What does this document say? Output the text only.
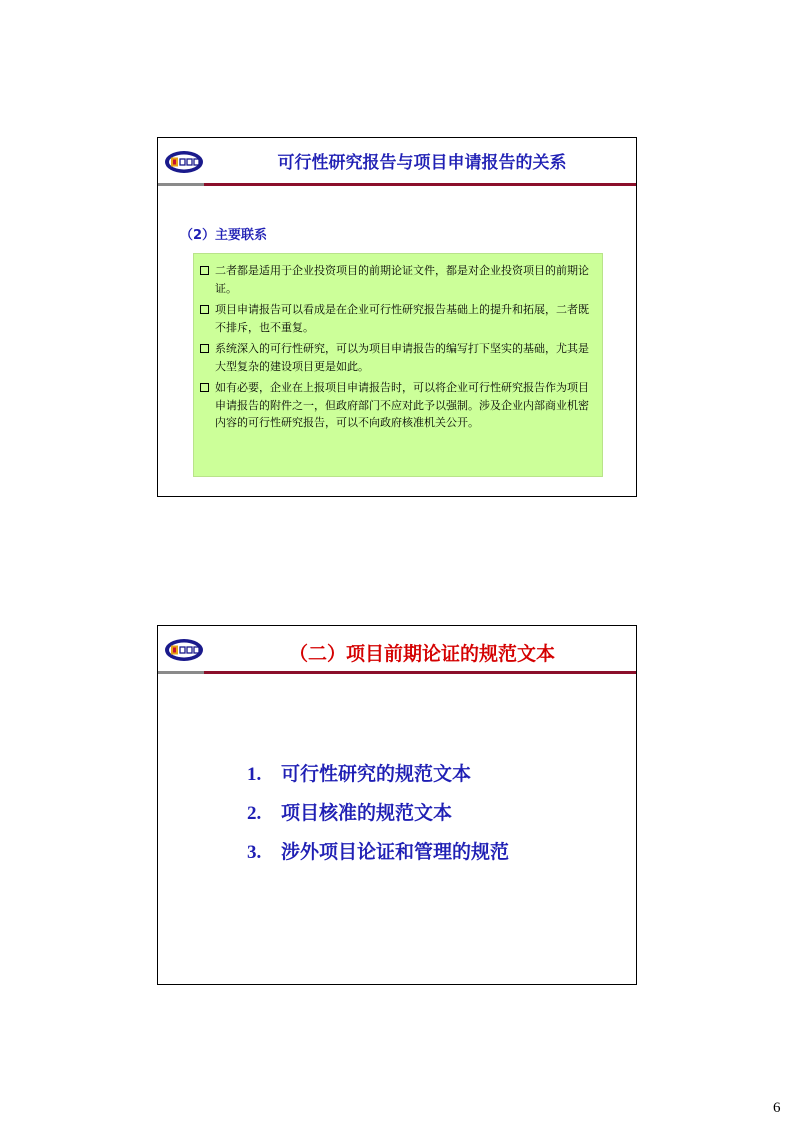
可行性研究报告与项目申请报告的关系
（2）主要联系
二者都是适用于企业投资项目的前期论证文件，都是对企业投资项目的前期论证。
项目申请报告可以看成是在企业可行性研究报告基础上的提升和拓展，二者既不排斥，也不重复。
系统深入的可行性研究，可以为项目申请报告的编写打下坚实的基础，尤其是大型复杂的建设项目更是如此。
如有必要，企业在上报项目申请报告时，可以将企业可行性研究报告作为项目申请报告的附件之一，但政府部门不应对此予以强制。涉及企业内部商业机密内容的可行性研究报告，可以不向政府核准机关公开。
（二）项目前期论证的规范文本
1.	可行性研究的规范文本
2.	项目核准的规范文本
3.	涉外项目论证和管理的规范
6
